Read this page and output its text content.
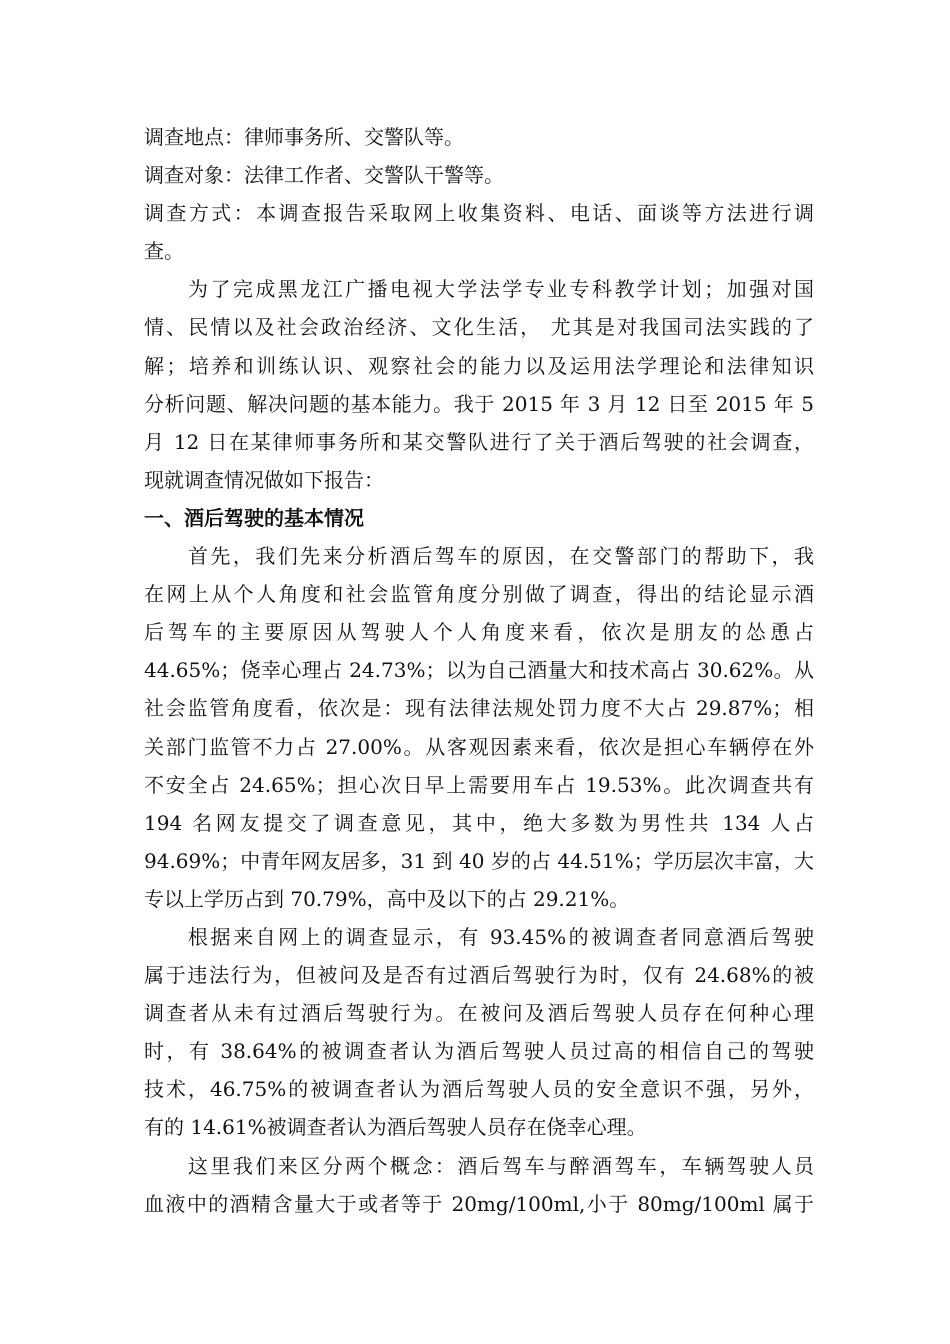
调查地点：律师事务所、交警队等。

调查对象：法律工作者、交警队干警等。

调查方式：本调查报告采取网上收集资料、电话、面谈等方法进行调

查。

为了完成黑龙江广播电视大学法学专业专科教学计划；加强对国

情、民情以及社会政治经济、文化生活， 尤其是对我国司法实践的了

解；培养和训练认识、观察社会的能力以及运用法学理论和法律知识

分析问题、解决问题的基本能力。我于 2015 年 3 月 12 日至 2015 年 5

月 12 日在某律师事务所和某交警队进行了关于酒后驾驶的社会调查，

现就调查情况做如下报告：

一、酒后驾驶的基本情况

首先，我们先来分析酒后驾车的原因，在交警部门的帮助下，我

在网上从个人角度和社会监管角度分别做了调查，得出的结论显示酒

后驾车的主要原因从驾驶人个人角度来看，依次是朋友的怂恿占

44.65%；侥幸心理占 24.73%；以为自己酒量大和技术高占 30.62%。从

社会监管角度看，依次是：现有法律法规处罚力度不大占 29.87%；相

关部门监管不力占 27.00%。从客观因素来看，依次是担心车辆停在外

不安全占 24.65%；担心次日早上需要用车占 19.53%。此次调查共有

194 名网友提交了调查意见，其中，绝大多数为男性共 134 人占

94.69%；中青年网友居多，31 到 40 岁的占 44.51%；学历层次丰富，大

专以上学历占到 70.79%，高中及以下的占 29.21%。

根据来自网上的调查显示，有 93.45%的被调查者同意酒后驾驶

属于违法行为，但被问及是否有过酒后驾驶行为时，仅有 24.68%的被

调查者从未有过酒后驾驶行为。在被问及酒后驾驶人员存在何种心理

时，有 38.64%的被调查者认为酒后驾驶人员过高的相信自己的驾驶

技术，46.75%的被调查者认为酒后驾驶人员的安全意识不强，另外，

有的 14.61%被调查者认为酒后驾驶人员存在侥幸心理。

这里我们来区分两个概念：酒后驾车与醉酒驾车，车辆驾驶人员

血液中的酒精含量大于或者等于 20mg/100ml,小于 80mg/100ml 属于
